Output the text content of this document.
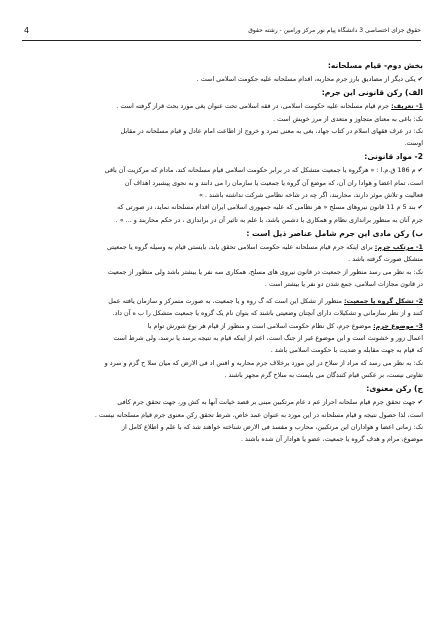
4	حقوق جزای اختصاصی 3 دانشگاه پیام نور مرکز ورامین - رشته حقوق
بخش دوم- قیام مسلحانه:
✔ یکی دیگر از مصادیق بارز جرم محاربه، اقدام مسلحانه علیه حکومت اسلامی است .
الف) رکن قانونی این جرم:
1- تعریف: جرم قیام مسلحانه علیه حکومت اسلامی، در فقه اسلامی تحت عنوان بغی مورد بحث قرار گرفته است .
نک: باغی به معنای متجاوز و متعدی از مرز خویش است .
نک: در عرف فقهای اسلام در کتاب جهاد، بغی به معنی تمرد و خروج از اطاعت امام عادل و قیام مسلحانه در مقابل
اوست.
2- مواد قانونی:
✔ م 186 ق.م.ا : « هرگروه یا جمعیت متشکل که در برابر حکومت اسلامی قیام مسلحانه کند، مادام که مرکزیت آن باقی
است، تمام اعضا و هوادا ران آن، که موضع آن گروه یا جمعیت یا سازمان را می دانند و به نحوی پیشبرد اهداف آن
فعالیت و تلاش موثر دارند، محاربند، اگر چه در شاخه نظامی شرکت نداشته باشند . »
✔ بند 5 م 11 قانون نیروهای مسلح « هر نظامی که علیه جمهوری اسلامی ایران اقدام مسلحانه نماید، در صورتی که
جرم آنان به منظور براندازی نظام و همکاری با دشمن باشد، با علم به تاثیر آن در براندازی ، در حکم محاربند و ... » .
ب) رکن مادی این جرم شامل عناصر ذیل است :
1- مرتکب جرم: برای اینکه جرم قیام مسلحانه علیه حکومت اسلامی تحقق یابد، بایستی قیام به وسیله گروه یا جمعیتی
متشکل صورت گرفته باشد .
نک: به نظر می رسد منظور از جمعیت در قانون نیروی های مسلح، همکاری سه نفر یا بیشتر باشد ولی منظور از جمعیت
در قانون مجازات اسلامی، جمع شدن دو نفر یا بیشتر است .
2- تشکل گروه یا جمعیت: منظور از تشکل این است که گ روه و یا جمعیت، به صورت متمرکز و سازمان یافته عمل
کنند و از نظر سازمانی و تشکیلات دارای آنچنان وضعیتی باشند که بتوان نام یک گروه یا جمعیت متشکل را ب ه آن داد.
3- موضوع جرم: موضوع جرم، کل نظام حکومت اسلامی است و منظور از قیام هر نوع شورش توام با
اعمال زور و خشونت است و این موضوع غیر از جنگ است، اعم از اینکه قیام به نتیجه برسد یا نرسد، ولی شرط است
که قیام به جهت مقابله و ضدیت با حکومت اسلامی باشد .
نک: به نظر می رسد که مراد از سلاح در این مورد برخلاف جرم محاربه و افس اد فی الارض که میان سلا ح گرم و سرد و
تفاوتی نیست، بر عکس قیام کنندگان می بایست به سلاح گرم مجهز باشند .
ج) رکن معنوی:
✔ جهت تحقق جرم قیام سلحانه احراز عم د عام مرتکبین مبنی بر قصد خیانت آنها به کش ور، جهت تحقق جرم کافی
است، لذا حصول نتیجه و قیام مسلحانه در این مورد به عنوان عمد خاص، شرط تحقق رکن معنوی جرم قیام مسلحانه نیست .
نک: زمانی اعضا و هواداران این مرتکبین، محارب و مفسد فی الارض شناخته خواهند شد که با علم و اطلاع کامل از
موضوع، مرام و هدف گروه یا جمعیت، عضو یا هوادار آن شده باشند .
